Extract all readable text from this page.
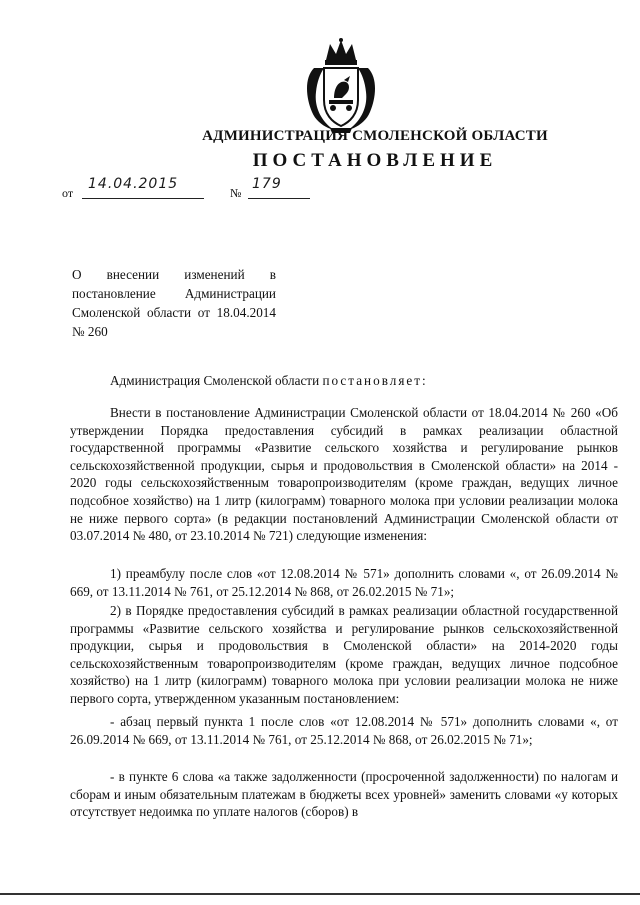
АДМИНИСТРАЦИЯ СМОЛЕНСКОЙ ОБЛАСТИ
ПОСТАНОВЛЕНИЕ
от
14.04.2015
№
179
О внесении изменений в постановление Администрации Смоленской области от 18.04.2014 № 260
Администрация Смоленской области постановляет:
Внести в постановление Администрации Смоленской области от 18.04.2014 № 260 «Об утверждении Порядка предоставления субсидий в рамках реализации областной государственной программы «Развитие сельского хозяйства и регулирование рынков сельскохозяйственной продукции, сырья и продовольствия в Смоленской области» на 2014 - 2020 годы сельскохозяйственным товаропроизводителям (кроме граждан, ведущих личное подсобное хозяйство) на 1 литр (килограмм) товарного молока при условии реализации молока не ниже первого сорта» (в редакции постановлений Администрации Смоленской области от 03.07.2014 № 480, от 23.10.2014 № 721) следующие изменения:
1) преамбулу после слов «от 12.08.2014 № 571» дополнить словами «, от 26.09.2014 № 669, от 13.11.2014 № 761, от 25.12.2014 № 868, от 26.02.2015 № 71»;
2) в Порядке предоставления субсидий в рамках реализации областной государственной программы «Развитие сельского хозяйства и регулирование рынков сельскохозяйственной продукции, сырья и продовольствия в Смоленской области» на 2014-2020 годы сельскохозяйственным товаропроизводителям (кроме граждан, ведущих личное подсобное хозяйство) на 1 литр (килограмм) товарного молока при условии реализации молока не ниже первого сорта, утвержденном указанным постановлением:
- абзац первый пункта 1 после слов «от 12.08.2014 № 571» дополнить словами «, от 26.09.2014 № 669, от 13.11.2014 № 761, от 25.12.2014 № 868, от 26.02.2015 № 71»;
- в пункте 6 слова «а также задолженности (просроченной задолженности) по налогам и сборам и иным обязательным платежам в бюджеты всех уровней» заменить словами «у которых отсутствует недоимка по уплате налогов (сборов) в
